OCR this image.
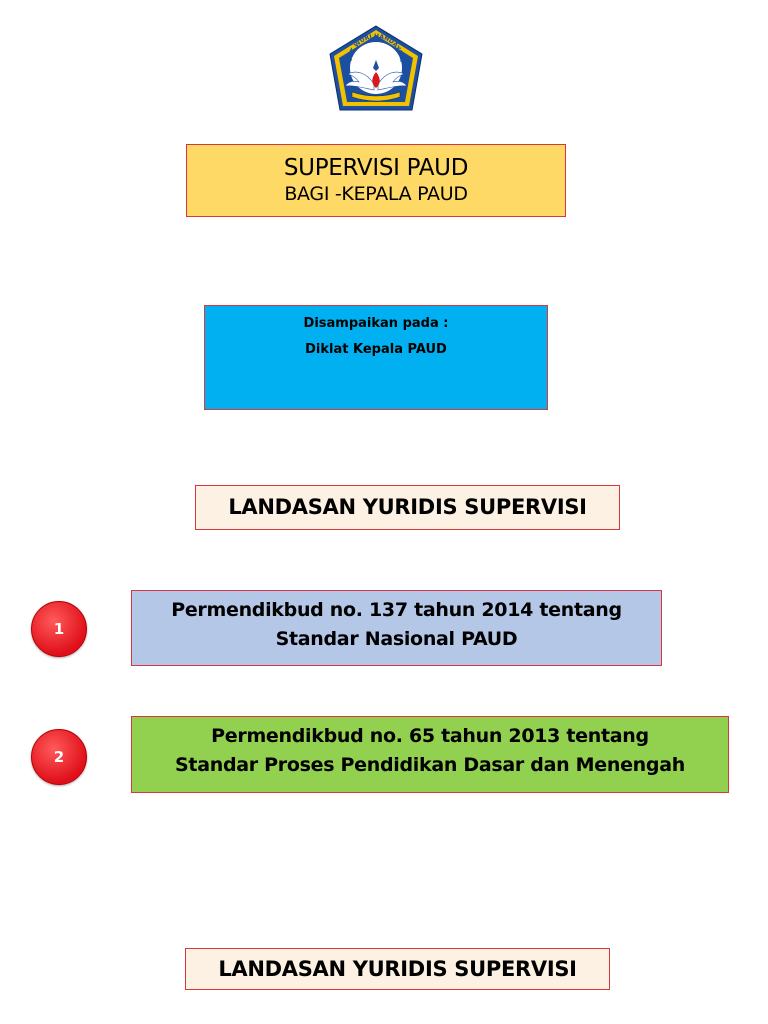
TUT WURI HANDAYANI
SUPERVISI PAUD
BAGI -KEPALA PAUD
Disampaikan pada :
Diklat Kepala PAUD
LANDASAN YURIDIS SUPERVISI
1
Permendikbud no. 137 tahun 2014 tentang
Standar Nasional PAUD
2
Permendikbud no. 65 tahun 2013 tentang
Standar Proses Pendidikan Dasar dan Menengah
LANDASAN YURIDIS SUPERVISI
